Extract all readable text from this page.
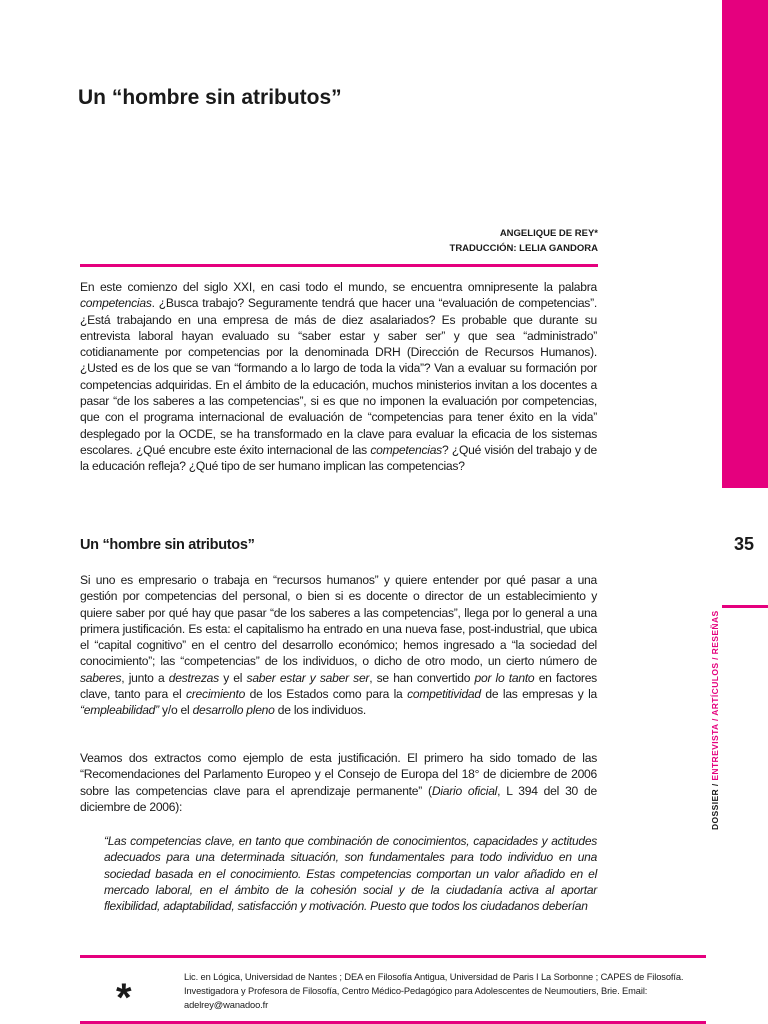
35
DOSSIER / ENTREVISTA / ARTÍCULOS / RESEÑAS
Un “hombre sin atributos”
ANGELIQUE DE REY*
TRADUCCIÓN: LELIA GANDORA

En este comienzo del siglo XXI, en casi todo el mundo, se encuentra omnipresente la palabra competencias. ¿Busca trabajo? Seguramente tendrá que hacer una “evaluación de competencias”. ¿Está trabajando en una empresa de más de diez asalariados? Es probable que durante su entrevista laboral hayan evaluado su “saber estar y saber ser” y que sea “administrado” cotidianamente por competencias por la denominada DRH (Dirección de Recursos Humanos). ¿Usted es de los que se van “formando a lo largo de toda la vida”? Van a evaluar su formación por competencias adquiridas. En el ámbito de la educación, muchos ministerios invitan a los docentes a pasar “de los saberes a las competencias”, si es que no imponen la evaluación por competencias, que con el programa internacional de evaluación de “competencias para tener éxito en la vida” desplegado por la OCDE, se ha transformado en la clave para evaluar la eficacia de los sistemas escolares. ¿Qué encubre este éxito internacional de las competencias? ¿Qué visión del trabajo y de la educación refleja? ¿Qué tipo de ser humano implican las competencias?

Un “hombre sin atributos”

Si uno es empresario o trabaja en “recursos humanos” y quiere entender por qué pasar a una gestión por competencias del personal, o bien si es docente o director de un establecimiento y quiere saber por qué hay que pasar “de los saberes a las competencias”, llega por lo general a una primera justificación. Es esta: el capitalismo ha entrado en una nueva fase, post-industrial, que ubica el “capital cognitivo” en el centro del desarrollo económico; hemos ingresado a “la sociedad del conocimiento”; las “competencias” de los individuos, o dicho de otro modo, un cierto número de saberes, junto a destrezas y el saber estar y saber ser, se han convertido por lo tanto en factores clave, tanto para el crecimiento de los Estados como para la competitividad de las empresas y la “empleabilidad” y/o el desarrollo pleno de los individuos.

Veamos dos extractos como ejemplo de esta justificación. El primero ha sido tomado de las “Recomendaciones del Parlamento Europeo y el Consejo de Europa del 18° de diciembre de 2006 sobre las competencias clave para el aprendizaje permanente” (Diario oficial, L 394 del 30 de diciembre de 2006):

“Las competencias clave, en tanto que combinación de conocimientos, capacidades y actitudes adecuados para una determinada situación, son fundamentales para todo individuo en una sociedad basada en el conocimiento. Estas competencias comportan un valor añadido en el mercado laboral, en el ámbito de la cohesión social y de la ciudadanía activa al aportar flexibilidad, adaptabilidad, satisfacción y motivación. Puesto que todos los ciudadanos deberían

*	Lic. en Lógica, Universidad de Nantes ; DEA en Filosofía Antigua, Universidad de Paris I La Sorbonne ; CAPES de Filosofía. Investigadora y Profesora de Filosofía, Centro Médico-Pedagógico para Adolescentes de Neumoutiers, Brie. Email: adelrey@wanadoo.fr
